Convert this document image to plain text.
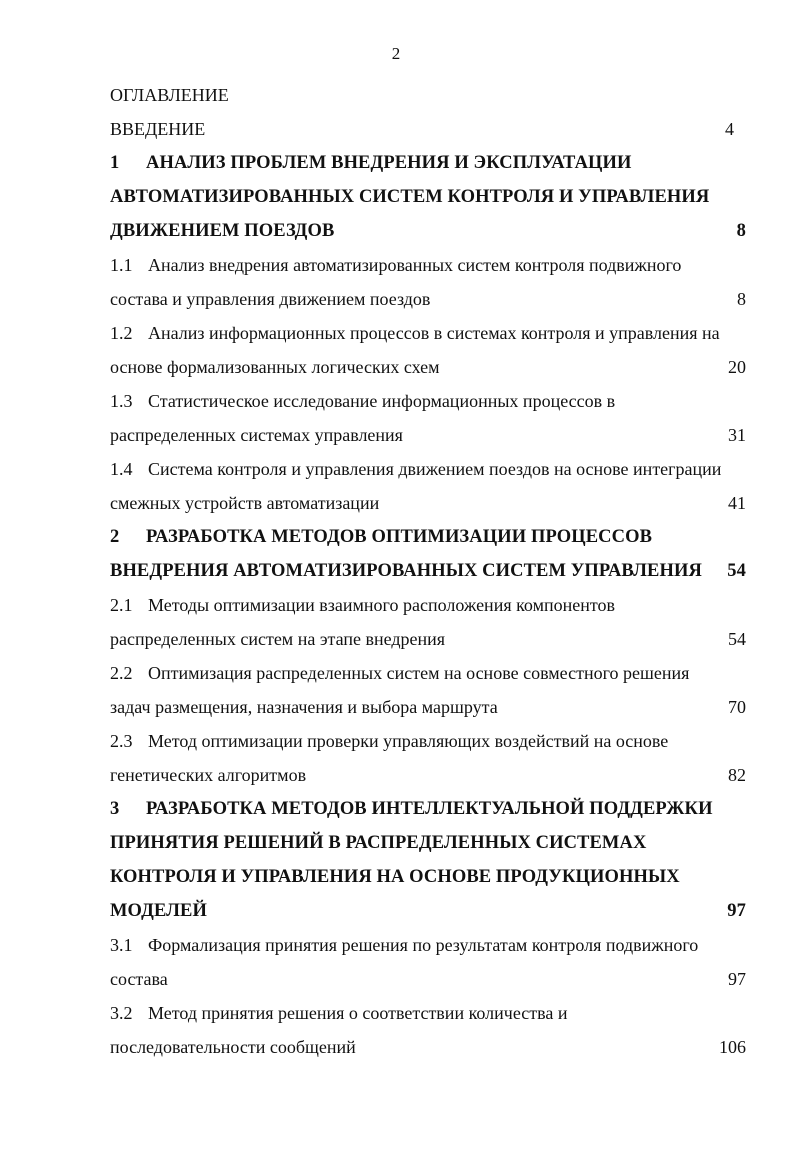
2
ОГЛАВЛЕНИЕ
ВВЕДЕНИЕ	4
1 АНАЛИЗ ПРОБЛЕМ ВНЕДРЕНИЯ И ЭКСПЛУАТАЦИИ
АВТОМАТИЗИРОВАННЫХ СИСТЕМ КОНТРОЛЯ И УПРАВЛЕНИЯ
ДВИЖЕНИЕМ ПОЕЗДОВ	8
1.1 Анализ внедрения автоматизированных систем контроля подвижного
состава и управления движением поездов	8
1.2 Анализ информационных процессов в системах контроля и управления на
основе формализованных логических схем	20
1.3 Статистическое исследование информационных процессов в
распределенных системах управления	31
1.4 Система контроля и управления движением поездов на основе интеграции
смежных устройств автоматизации	41
2 РАЗРАБОТКА МЕТОДОВ ОПТИМИЗАЦИИ ПРОЦЕССОВ
ВНЕДРЕНИЯ АВТОМАТИЗИРОВАННЫХ СИСТЕМ УПРАВЛЕНИЯ 54
2.1 Методы оптимизации взаимного расположения компонентов
распределенных систем на этапе внедрения	54
2.2 Оптимизация распределенных систем на основе совместного решения
задач размещения, назначения и выбора маршрута	70
2.3 Метод оптимизации проверки управляющих воздействий на основе
генетических алгоритмов	82
3 РАЗРАБОТКА МЕТОДОВ ИНТЕЛЛЕКТУАЛЬНОЙ ПОДДЕРЖКИ
ПРИНЯТИЯ РЕШЕНИЙ В РАСПРЕДЕЛЕННЫХ СИСТЕМАХ
КОНТРОЛЯ И УПРАВЛЕНИЯ НА ОСНОВЕ ПРОДУКЦИОННЫХ
МОДЕЛЕЙ	97
3.1 Формализация принятия решения по результатам контроля подвижного
состава	97
3.2 Метод принятия решения о соответствии количества и
последовательности сообщений	106
